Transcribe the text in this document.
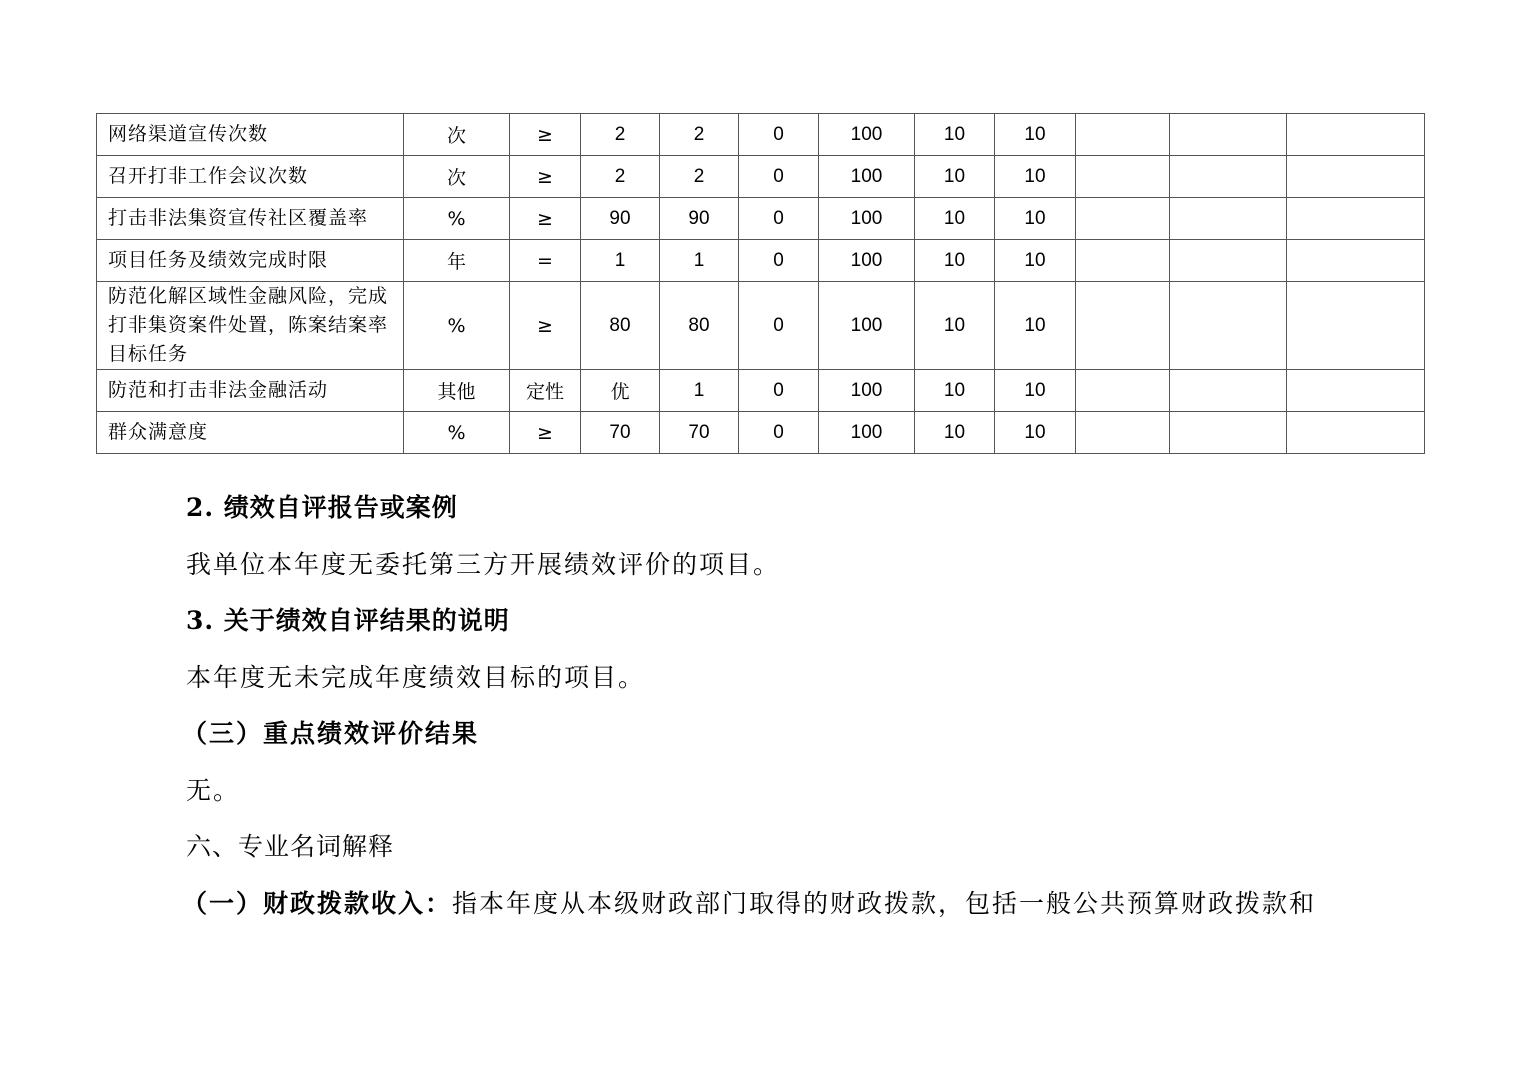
网络渠道宣传次数	次	≥	2	2	0	100	10	10			
召开打非工作会议次数	次	≥	2	2	0	100	10	10			
打击非法集资宣传社区覆盖率	%	≥	90	90	0	100	10	10			
项目任务及绩效完成时限	年	=	1	1	0	100	10	10			
防范化解区域性金融风险，完成打非集资案件处置，陈案结案率目标任务	%	≥	80	80	0	100	10	10			
防范和打击非法金融活动	其他	定性	优	1	0	100	10	10			
群众满意度	%	≥	70	70	0	100	10	10			

2. 绩效自评报告或案例

我单位本年度无委托第三方开展绩效评价的项目。

3. 关于绩效自评结果的说明

本年度无未完成年度绩效目标的项目。

（三）重点绩效评价结果

无。

六、专业名词解释

（一）财政拨款收入：指本年度从本级财政部门取得的财政拨款，包括一般公共预算财政拨款和
